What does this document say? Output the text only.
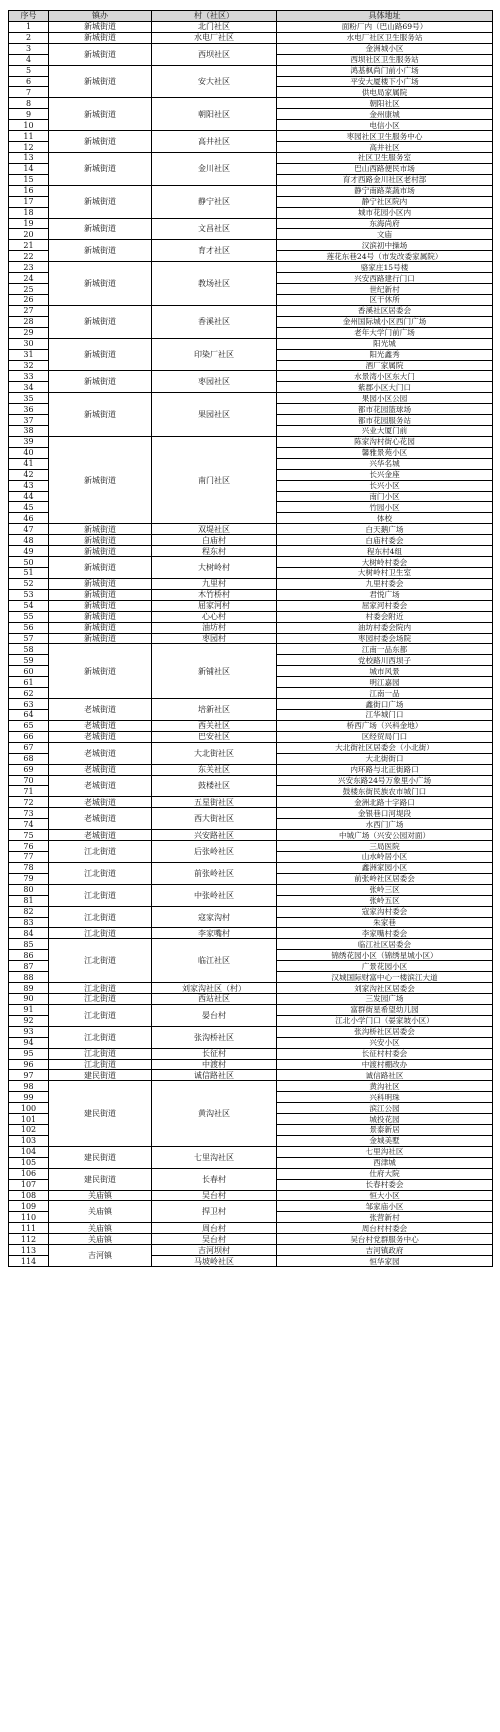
序号	镇办	村（社区）	具体地址
1	新城街道	北门社区	面粉厂内（巴山路69号）
2	新城街道	水电厂社区	水电厂社区卫生服务站
3	新城街道	西坝社区	金洲城小区
4			西坝社区卫生服务站
5	新城街道	安大社区	鸿基枫尚门前小广场
6			平安大厦楼下小广场
7			供电局家属院
8	新城街道	朝阳社区	朝阳社区
9			金州康城
10			电信小区
11	新城街道	高井社区	枣园社区卫生服务中心
12			高井社区
13	新城街道	金川社区	社区卫生服务室
14			巴山西路便民市场
15			育才西路金川社区老村部
16	新城街道	静宁社区	静宁南路菜蔬市场
17			静宁社区院内
18			城市花园小区内
19	新城街道	文昌社区	东海尚府
20			文庙
21	新城街道	育才社区	汉滨初中操场
22			莲花东巷24号（市发改委家属院）
23	新城街道	教场社区	骆家庄15号楼
24			兴安西路建行门口
25			世纪新村
26			区干休所
27	新城街道	香溪社区	香溪社区居委会
28			金州国际城小区西门广场
29			老年大学门前广场
30	新城街道	印染厂社区	阳光城
31			阳光鑫秀
32			酒厂家属院
33	新城街道	枣园社区	水景湾小区东大门
34			紫郡小区大门口
35	新城街道	果园社区	果园小区公园
36			都市花园篮球场
37			都市花园服务站
38			兴业大厦门前
39	新城街道	南门社区	陈家沟村街心花园
40			馨雅景苑小区
41			兴华名城
42			长兴金座
43			长兴小区
44			南门小区
45			竹园小区
46			体校
47	新城街道	双堤社区	白天鹅广场
48	新城街道	白庙村	白庙村委会
49	新城街道	程东村	程东村4组
50	新城街道	大树岭村	大树岭村委会
51			大树岭村卫生室
52	新城街道	九里村	九里村委会
53	新城街道	木竹桥村	君悦广场
54	新城街道	屈家河村	屈家河村委会
55	新城街道	心心村	村委会附近
56	新城街道	油坊村	油坊村委会院内
57	新城街道	枣园村	枣园村委会场院
58	新城街道	新铺社区	江南一品东都
59			党校路川西坝子
60			城市风景
61			明江嘉园
62			江南一品
63	老城街道	培新社区	鑫街口广场
64			江华城门口
65	老城街道	西关社区	桥西广场（兴科金地）
66	老城街道	巴安社区	区经贸局门口
67	老城街道	大北街社区	大北街社区居委会（小北街）
68			大北街街口
69	老城街道	东关社区	内环路与北正街路口
70	老城街道	鼓楼社区	兴安东路24号万象里小广场
71			鼓楼东街民族农市城门口
72	老城街道	五星街社区	金洲北路十字路口
73	老城街道	西大街社区	金银巷口河堤段
74			水西门广场
75	老城街道	兴安路社区	中城广场（兴安公园对面）
76	江北街道	后张岭社区	三局医院
77			山水岭居小区
78	江北街道	前张岭社区	鑫洲家园小区
79			前张岭社区居委会
80	江北街道	中张岭社区	张岭三区
81			张岭五区
82	江北街道	寇家沟村	寇家沟村委会
83			朱家巷
84	江北街道	李家嘴村	李家嘴村委会
85	江北街道	临江社区	临江社区居委会
86			锦绣花园小区（锦绣星城小区）
87			广景花园小区
88			汉城国际财富中心一楼滨江大道
89	江北街道	刘家沟社区（村）	刘家沟社区居委会
90	江北街道	西站社区	三发园广场
91	江北街道	晏台村	富群街星希望幼儿园
92			江北小学门口（晏家坡小区）
93	江北街道	张沟桥社区	张沟桥社区居委会
94			兴安小区
95	江北街道	长征村	长征村村委会
96	江北街道	中渡村	中渡村棚改办
97	建民街道	诚信路社区	诚信路社区
98	建民街道	黄沟社区	黄沟社区
99			兴科明珠
100			滨江公园
101			城投花园
102			景泰新居
103			金城美墅
104	建民街道	七里沟社区	七里沟社区
105			西津城
106	建民街道	长春村	仕府大院
107			长春村委会
108	关庙镇	吴台村	恒大小区
109	关庙镇	捍卫村	邹家庙小区
110			张营新村
111	关庙镇	周台村	周台村村委会
112	关庙镇	吴台村	吴台村党群服务中心
113	吉河镇	吉河坝村	吉河镇政府
114		马坡岭社区	恒华家园
